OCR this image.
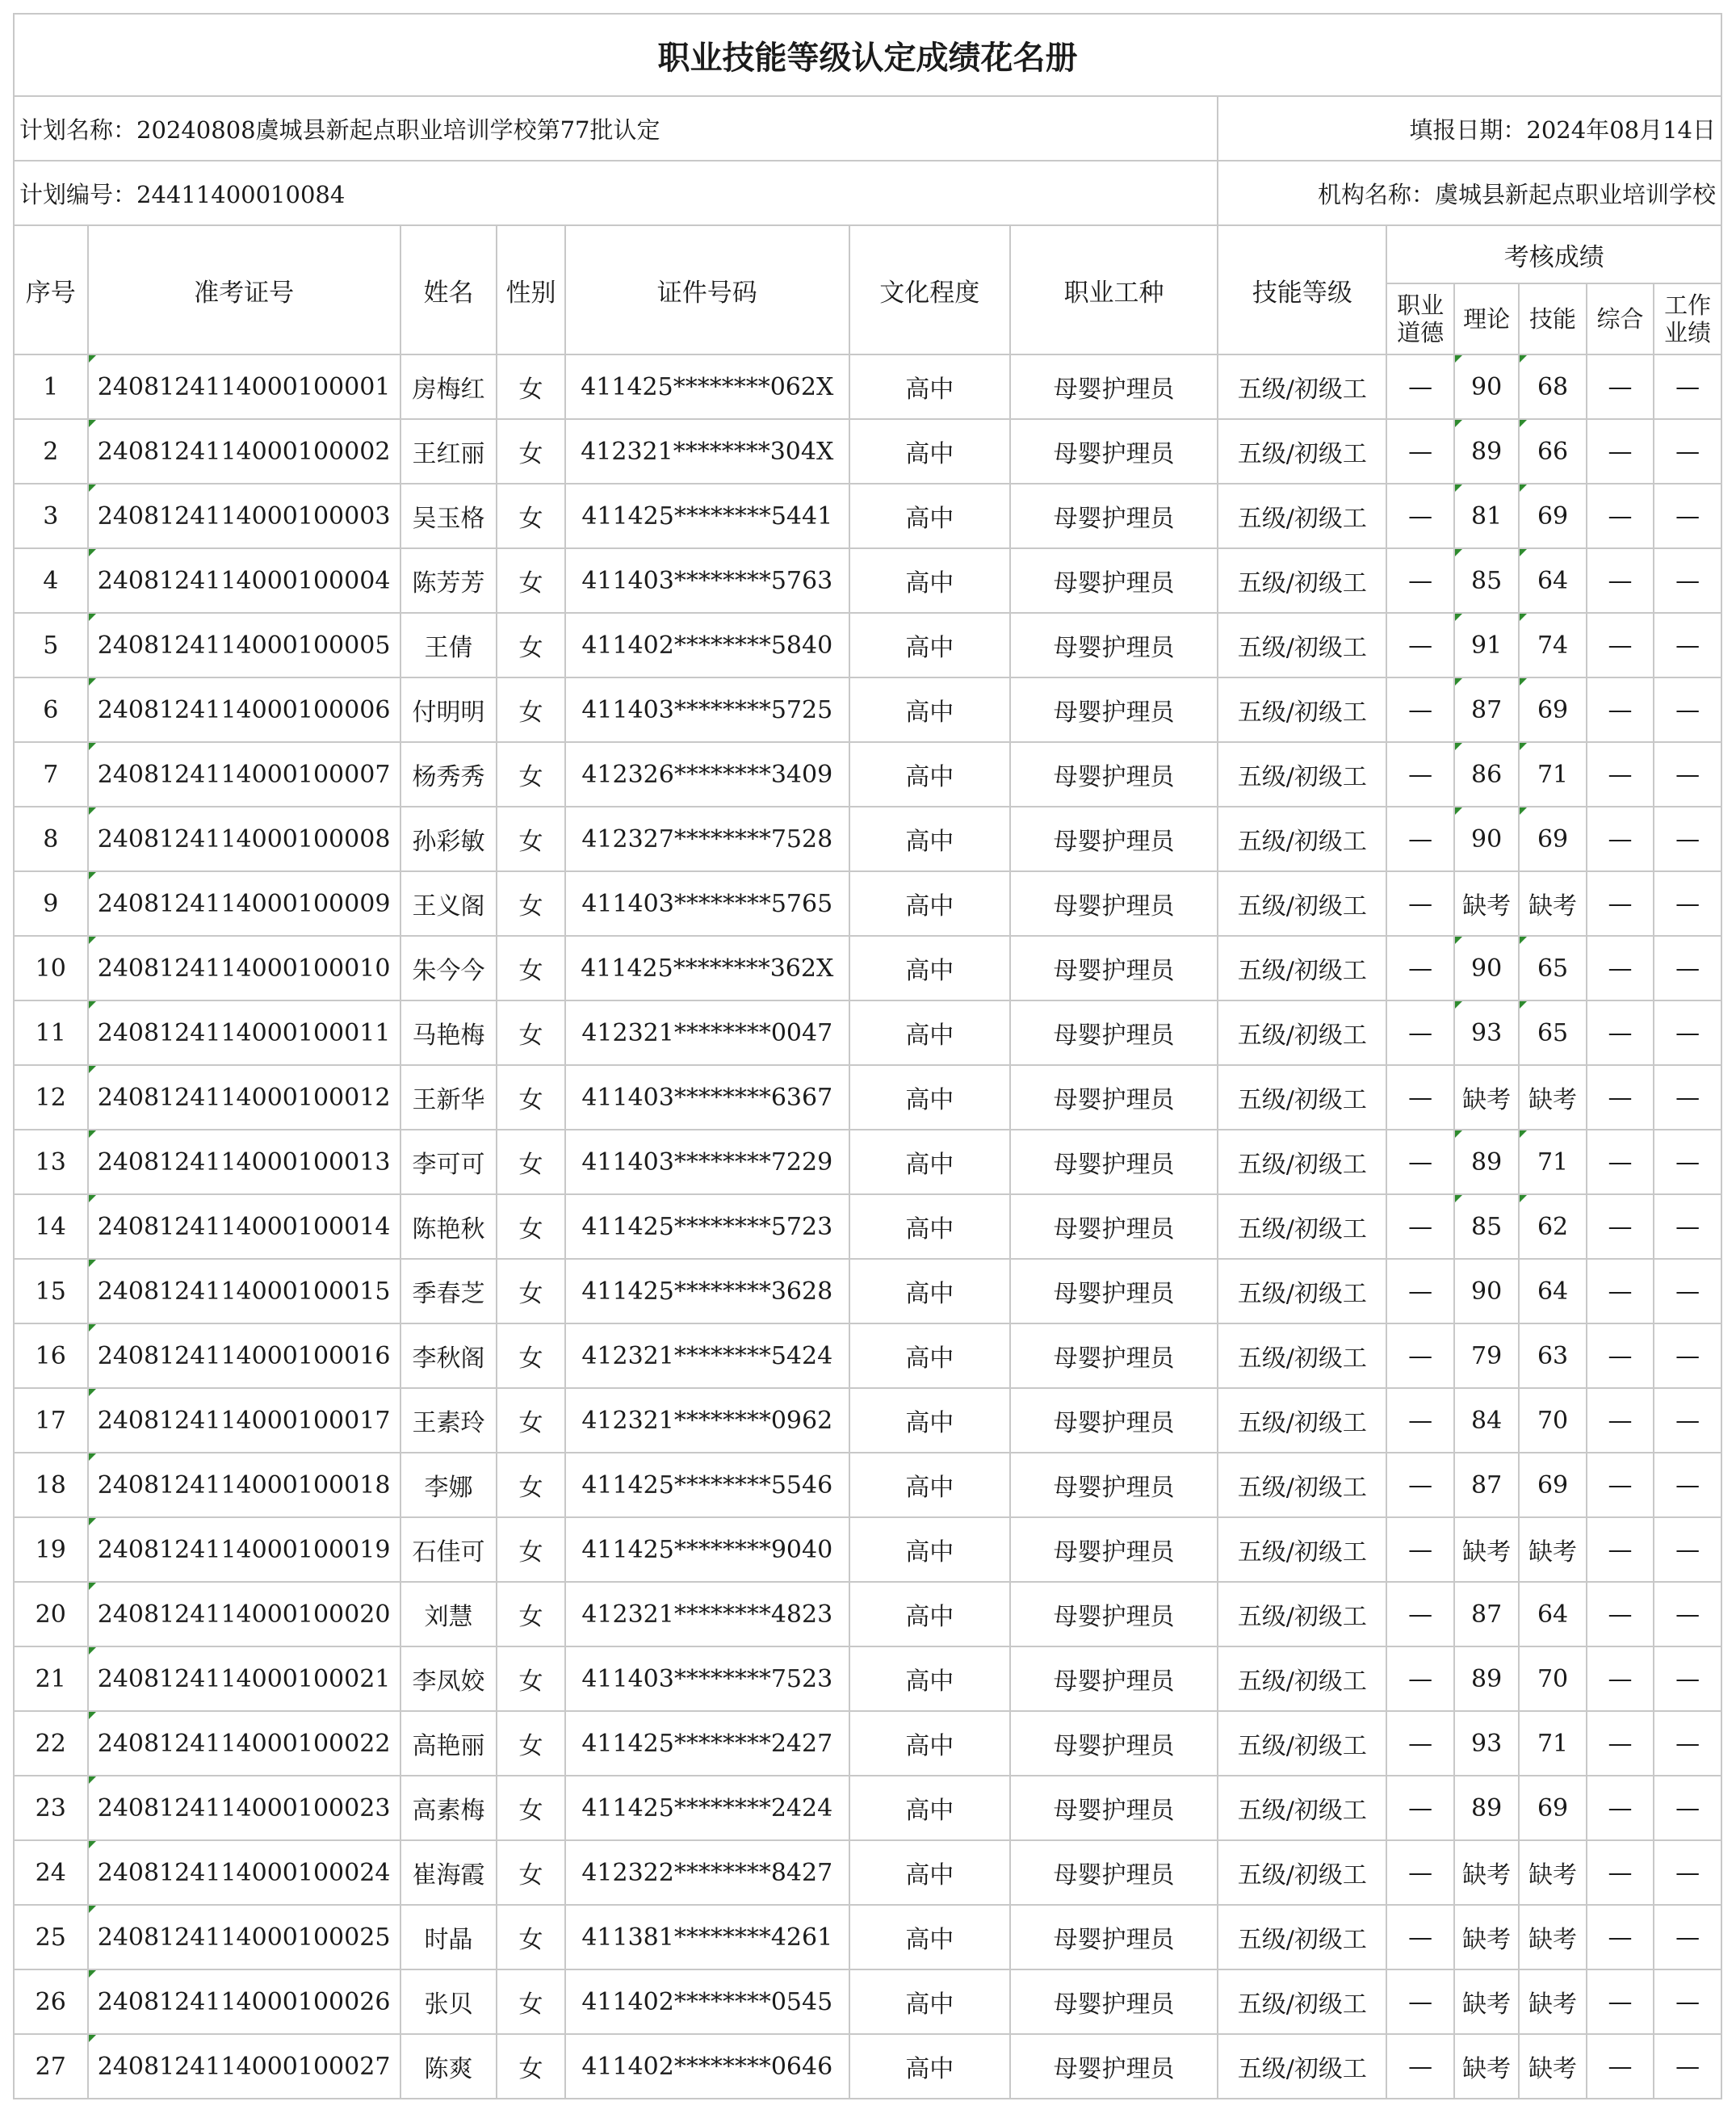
职业技能等级认定成绩花名册												
计划名称：20240808虞城县新起点职业培训学校第77批认定							填报日期：2024年08月14日					
计划编号：24411400010084							机构名称：虞城县新起点职业培训学校					
序号	准考证号	姓名	性别	证件号码	文化程度	职业工种	技能等级	考核成绩				
								职业
道德	理论	技能	综合	工作
业绩
1	2408124114000100001	房梅红	女	411425********062X	高中	母婴护理员	五级/初级工	—	90	68	—	—
2	2408124114000100002	王红丽	女	412321********304X	高中	母婴护理员	五级/初级工	—	89	66	—	—
3	2408124114000100003	吴玉格	女	411425********5441	高中	母婴护理员	五级/初级工	—	81	69	—	—
4	2408124114000100004	陈芳芳	女	411403********5763	高中	母婴护理员	五级/初级工	—	85	64	—	—
5	2408124114000100005	王倩	女	411402********5840	高中	母婴护理员	五级/初级工	—	91	74	—	—
6	2408124114000100006	付明明	女	411403********5725	高中	母婴护理员	五级/初级工	—	87	69	—	—
7	2408124114000100007	杨秀秀	女	412326********3409	高中	母婴护理员	五级/初级工	—	86	71	—	—
8	2408124114000100008	孙彩敏	女	412327********7528	高中	母婴护理员	五级/初级工	—	90	69	—	—
9	2408124114000100009	王义阁	女	411403********5765	高中	母婴护理员	五级/初级工	—	缺考	缺考	—	—
10	2408124114000100010	朱今今	女	411425********362X	高中	母婴护理员	五级/初级工	—	90	65	—	—
11	2408124114000100011	马艳梅	女	412321********0047	高中	母婴护理员	五级/初级工	—	93	65	—	—
12	2408124114000100012	王新华	女	411403********6367	高中	母婴护理员	五级/初级工	—	缺考	缺考	—	—
13	2408124114000100013	李可可	女	411403********7229	高中	母婴护理员	五级/初级工	—	89	71	—	—
14	2408124114000100014	陈艳秋	女	411425********5723	高中	母婴护理员	五级/初级工	—	85	62	—	—
15	2408124114000100015	季春芝	女	411425********3628	高中	母婴护理员	五级/初级工	—	90	64	—	—
16	2408124114000100016	李秋阁	女	412321********5424	高中	母婴护理员	五级/初级工	—	79	63	—	—
17	2408124114000100017	王素玲	女	412321********0962	高中	母婴护理员	五级/初级工	—	84	70	—	—
18	2408124114000100018	李娜	女	411425********5546	高中	母婴护理员	五级/初级工	—	87	69	—	—
19	2408124114000100019	石佳可	女	411425********9040	高中	母婴护理员	五级/初级工	—	缺考	缺考	—	—
20	2408124114000100020	刘慧	女	412321********4823	高中	母婴护理员	五级/初级工	—	87	64	—	—
21	2408124114000100021	李凤姣	女	411403********7523	高中	母婴护理员	五级/初级工	—	89	70	—	—
22	2408124114000100022	高艳丽	女	411425********2427	高中	母婴护理员	五级/初级工	—	93	71	—	—
23	2408124114000100023	高素梅	女	411425********2424	高中	母婴护理员	五级/初级工	—	89	69	—	—
24	2408124114000100024	崔海霞	女	412322********8427	高中	母婴护理员	五级/初级工	—	缺考	缺考	—	—
25	2408124114000100025	时晶	女	411381********4261	高中	母婴护理员	五级/初级工	—	缺考	缺考	—	—
26	2408124114000100026	张贝	女	411402********0545	高中	母婴护理员	五级/初级工	—	缺考	缺考	—	—
27	2408124114000100027	陈爽	女	411402********0646	高中	母婴护理员	五级/初级工	—	缺考	缺考	—	—
